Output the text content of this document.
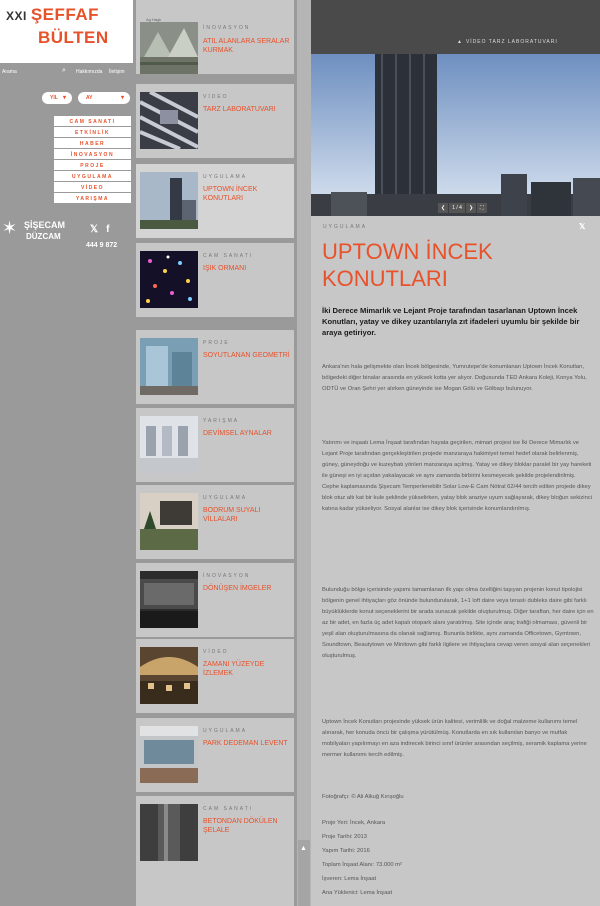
XXI ŞEFFAF
BÜLTEN
Arama	⌕ Hakkımızda İletişim
YIL ▾	AY	▾
CAM SANATI
ETKİNLİK
HABER
İNOVASYON
PROJE
UYGULAMA
VİDEO
YARIŞMA
✶ ŞİŞECAM
DÜZCAM
𝕏 f
444 9 872
Ag Haglı
İNOVASYON
ATIL ALANLARA SERALAR KURMAK
VİDEO
TARZ LABORATUVARI
UYGULAMA
UPTOWN İNCEK KONUTLARI
CAM SANATI
IŞIK ORMANI
PROJE
SOYUTLANAN GEOMETRİ
YARIŞMA
DEVİMSEL AYNALAR
UYGULAMA
BODRUM SUYALI VİLLALARI
İNOVASYON
DÖNÜŞEN İMGELER
VİDEO
ZAMANI YÜZEYDE İZLEMEK
UYGULAMA
PARK DEDEMAN LEVENT
CAM SANATI
BETONDAN DÖKÜLEN ŞELALE
▲
▲ VİDEO TARZ LABORATUVARI
❮ 1 / 4 ❯ ⛶
UYGULAMA	𝕏
UPTOWN İNCEK KONUTLARI

İki Derece Mimarlık ve Lejant Proje tarafından tasarlanan Uptown İncek Konutları, yatay ve dikey uzantılarıyla zıt ifadeleri uyumlu bir şekilde bir araya getiriyor.

Ankara'nın hala gelişmekte olan İncek bölgesinde, Yumrutepe'de konumlanan Uptown İncek Konutları, bölgedeki diğer binalar arasında en yüksek kotta yer alıyor. Doğusunda TED Ankara Koleji, Konya Yolu, ODTÜ ve Oran Şehri yer alırken güneyinde ise Mogan Gölü ve Gölbaşı bulunuyor.

Yatırımı ve inşaatı Lema İnşaat tarafından hayata geçirilen, mimari projesi ise İki Derece Mimarlık ve Lejant Proje tarafından gerçekleştirilen projede manzaraya hakimiyet temel hedef olarak belirlenmiş, güney, güneydoğu ve kuzeybatı yönleri manzaraya açılmış. Yatay ve dikey bloklar paralel bir yay hareketi ile güneşi en iyi açıdan yakalayacak ve aynı zamanda birbirini kesmeyecek şekilde projelendirilmiş. Cephe kaplamasında Şişecam Temperlenebilir Solar Low-E Cam Nötral 62/44 tercih edilen projede dikey blok otuz altı kat bir kule şeklinde yükselirken, yatay blok araziye uyum sağlayarak, dikey bloğun sekizinci katına kadar yükseliyor. Sosyal alanlar ise dikey blok içerisinde konumlandırılmış.

Bulunduğu bölge içerisinde yapımı tamamlanan ilk yapı olma özelliğini taşıyan projenin konut tipolojisi bölgenin genel ihtiyaçları göz önünde bulundurularak, 1+1 loft daire veya teraslı dubleks daire gibi farklı büyüklüklerde konut seçeneklerini bir arada sunacak şekilde oluşturulmuş. Diğer taraftan, her daire için en az bir adet, en fazla üç adet kapalı otopark alanı yaratılmış. Site içinde araç trafiği olmaması, güvenli bir yeşil alan oluşturulmasına da olanak sağlamış. Bununla birlikte, aynı zamanda Officetown, Gymtown, Soundtown, Beautytown ve Minitown gibi farklı ilgilere ve ihtiyaçlara cevap veren sosyal alan seçenekleri oluşturulmuş.

Uptown İncek Konutları projesinde yüksek ürün kalitesi, verimlilik ve doğal malzeme kullanımı temel alınarak, her konuda öncü bir çalışma yürütülmüş. Konutlarda en sık kullanılan banyo ve mutfak mobilyaları yapılırmayı en aza indirecek birinci sınıf ürünler arasından seçilmiş, seramik kaplama yerine mermer kullanımı tercih edilmiş.

Fotoğrafçı: © Ali Alkuğ Kırışoğlu

Proje Yeri: İncek, Ankara

Proje Tarihi: 2013

Yapım Tarihi: 2016

Toplam İnşaat Alanı: 73.000 m²

İşveren: Lema İnşaat

Ana Yüklenici: Lema İnşaat
